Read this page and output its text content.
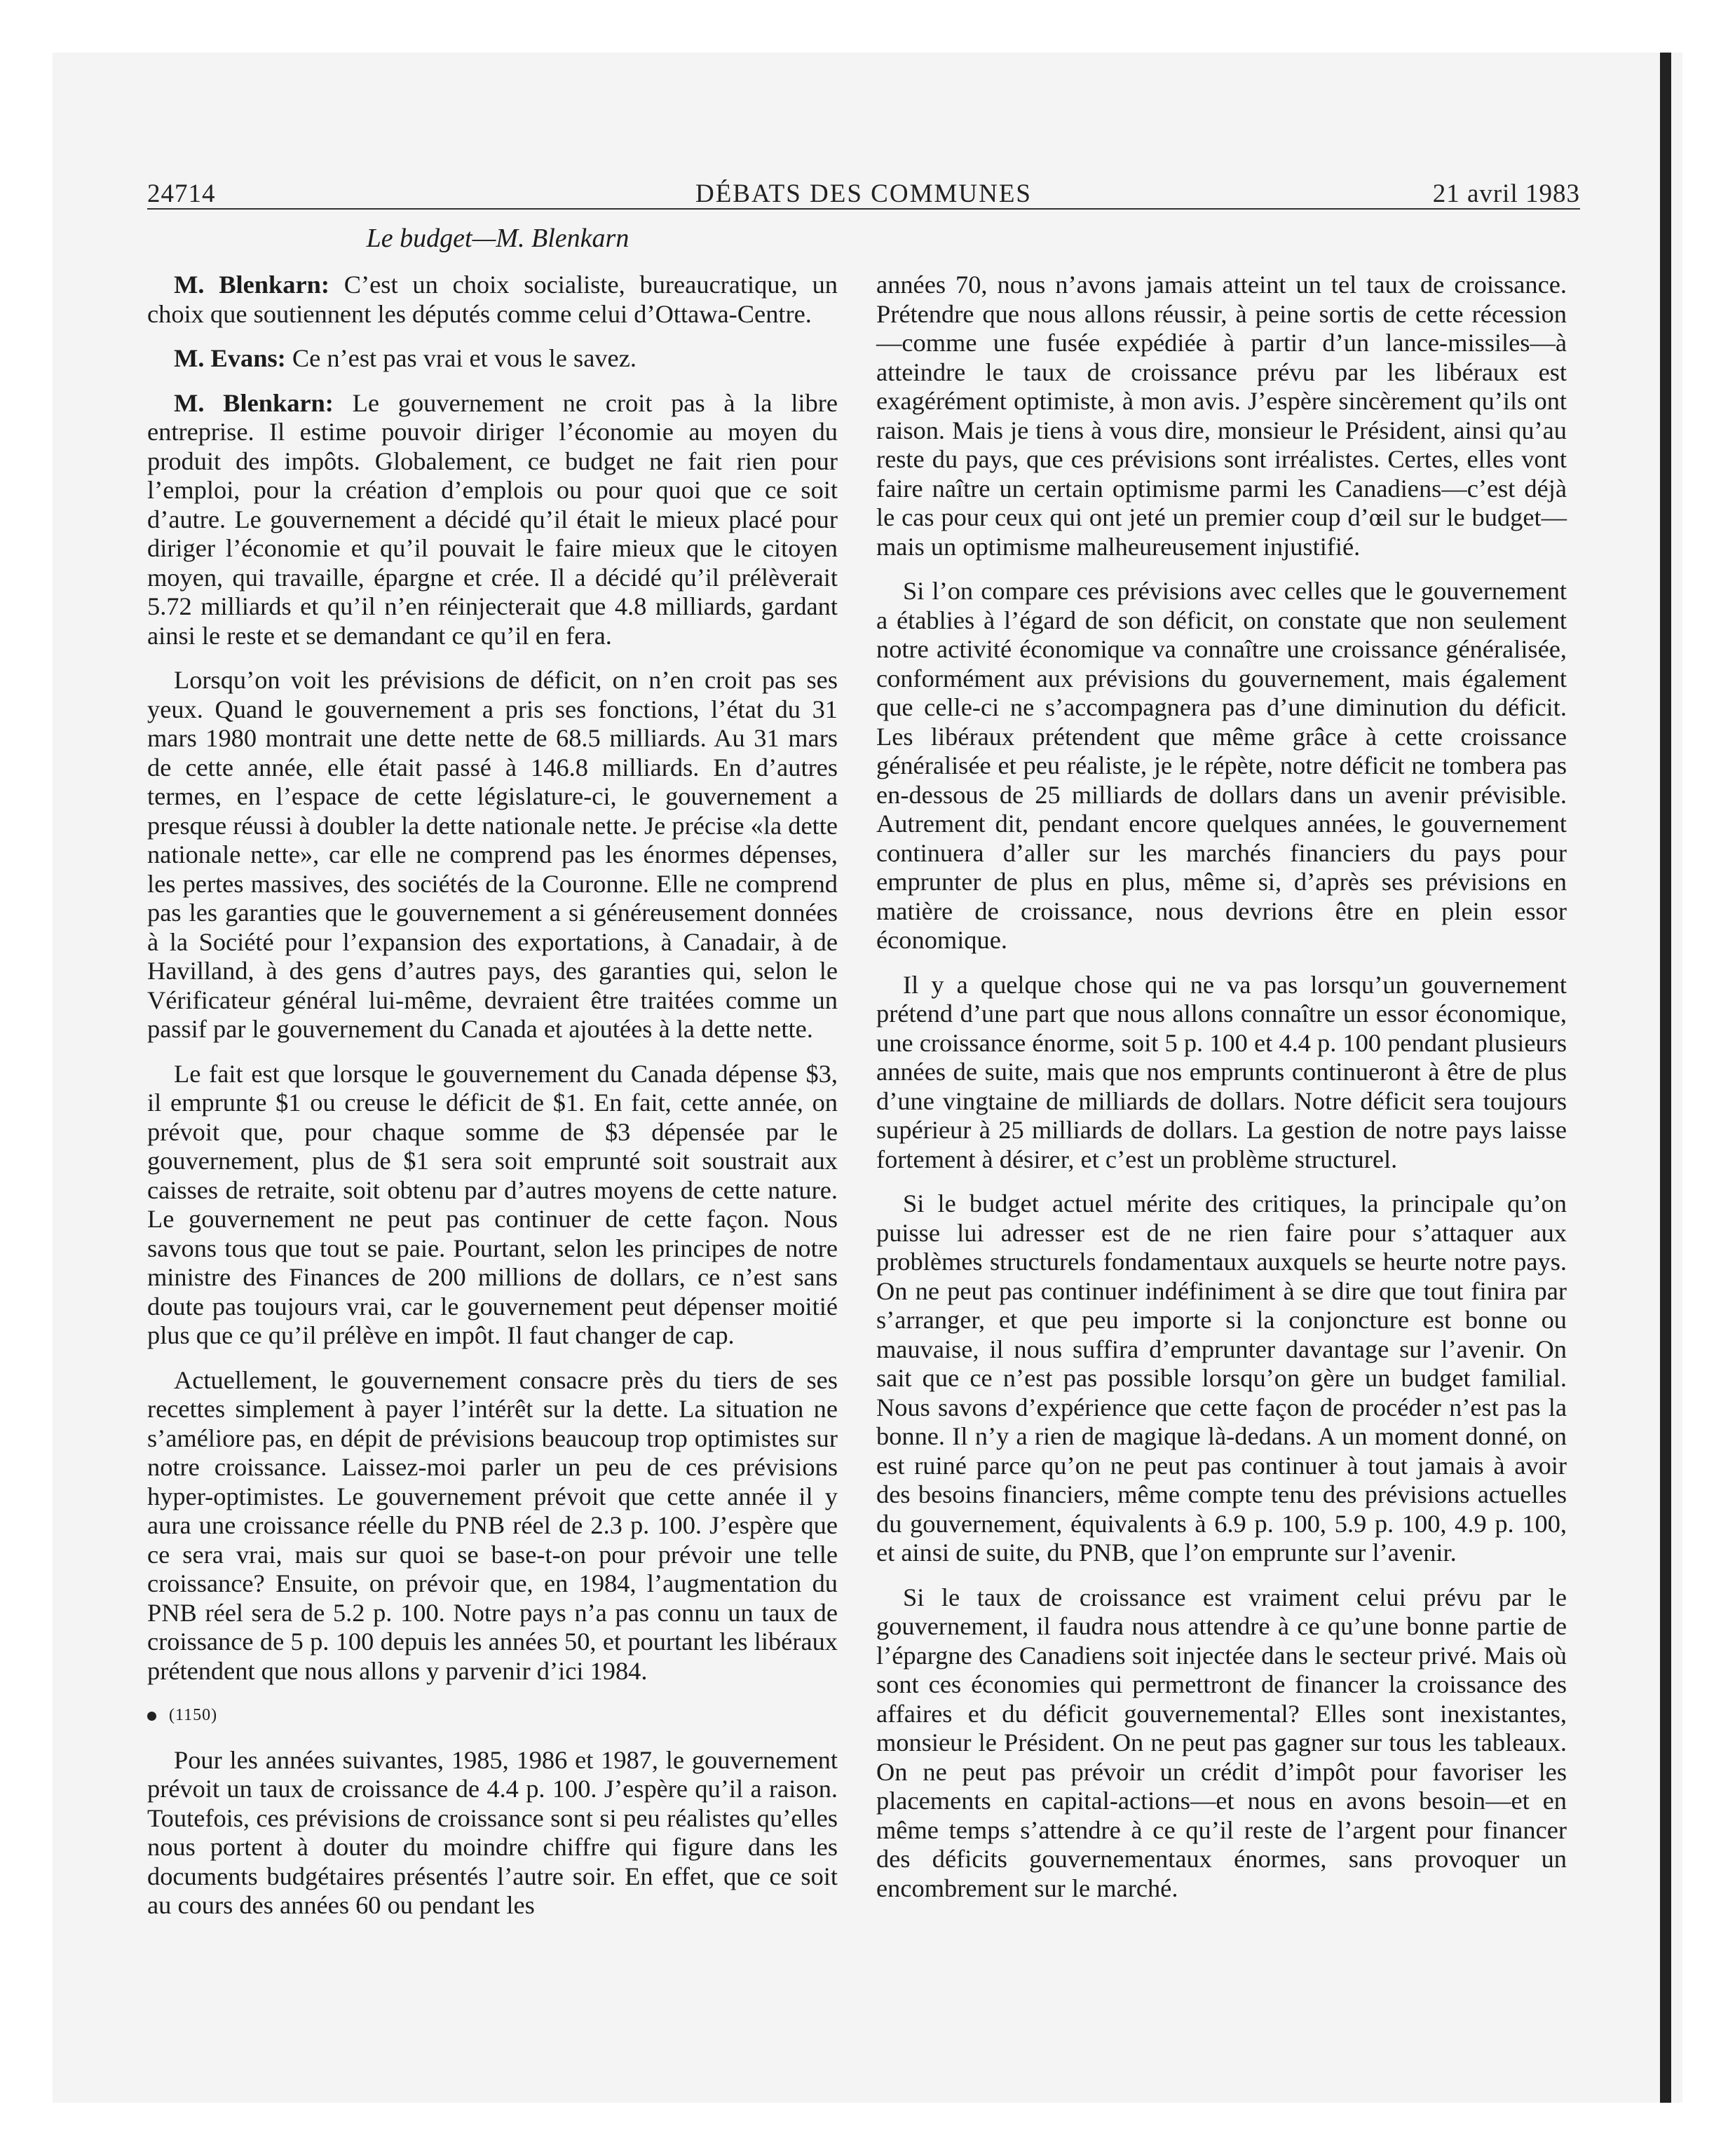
24714	DÉBATS DES COMMUNES	21 avril 1983
Le budget—M. Blenkarn

M. Blenkarn: C’est un choix socialiste, bureaucratique, un choix que soutiennent les députés comme celui d’Ottawa-Centre.

M. Evans: Ce n’est pas vrai et vous le savez.

M. Blenkarn: Le gouvernement ne croit pas à la libre entreprise. Il estime pouvoir diriger l’économie au moyen du produit des impôts. Globalement, ce budget ne fait rien pour l’emploi, pour la création d’emplois ou pour quoi que ce soit d’autre. Le gouvernement a décidé qu’il était le mieux placé pour diriger l’économie et qu’il pouvait le faire mieux que le citoyen moyen, qui travaille, épargne et crée. Il a décidé qu’il prélèverait 5.72 milliards et qu’il n’en réinjecterait que 4.8 milliards, gardant ainsi le reste et se demandant ce qu’il en fera.

Lorsqu’on voit les prévisions de déficit, on n’en croit pas ses yeux. Quand le gouvernement a pris ses fonctions, l’état du 31 mars 1980 montrait une dette nette de 68.5 milliards. Au 31 mars de cette année, elle était passé à 146.8 milliards. En d’autres termes, en l’espace de cette législature-ci, le gouvernement a presque réussi à doubler la dette nationale nette. Je précise «la dette nationale nette», car elle ne comprend pas les énormes dépenses, les pertes massives, des sociétés de la Couronne. Elle ne comprend pas les garanties que le gouvernement a si généreusement données à la Société pour l’expansion des exportations, à Canadair, à de Havilland, à des gens d’autres pays, des garanties qui, selon le Vérificateur général lui-même, devraient être traitées comme un passif par le gouvernement du Canada et ajoutées à la dette nette.

Le fait est que lorsque le gouvernement du Canada dépense $3, il emprunte $1 ou creuse le déficit de $1. En fait, cette année, on prévoit que, pour chaque somme de $3 dépensée par le gouvernement, plus de $1 sera soit emprunté soit soustrait aux caisses de retraite, soit obtenu par d’autres moyens de cette nature. Le gouvernement ne peut pas continuer de cette façon. Nous savons tous que tout se paie. Pourtant, selon les principes de notre ministre des Finances de 200 millions de dollars, ce n’est sans doute pas toujours vrai, car le gouvernement peut dépenser moitié plus que ce qu’il prélève en impôt. Il faut changer de cap.

Actuellement, le gouvernement consacre près du tiers de ses recettes simplement à payer l’intérêt sur la dette. La situation ne s’améliore pas, en dépit de prévisions beaucoup trop optimistes sur notre croissance. Laissez-moi parler un peu de ces prévisions hyper-optimistes. Le gouvernement prévoit que cette année il y aura une croissance réelle du PNB réel de 2.3 p. 100. J’espère que ce sera vrai, mais sur quoi se base-t-on pour prévoir une telle croissance? Ensuite, on prévoir que, en 1984, l’augmentation du PNB réel sera de 5.2 p. 100. Notre pays n’a pas connu un taux de croissance de 5 p. 100 depuis les années 50, et pourtant les libéraux prétendent que nous allons y parvenir d’ici 1984.

(1150)

Pour les années suivantes, 1985, 1986 et 1987, le gouvernement prévoit un taux de croissance de 4.4 p. 100. J’espère qu’il a raison. Toutefois, ces prévisions de croissance sont si peu réalistes qu’elles nous portent à douter du moindre chiffre qui figure dans les documents budgétaires présentés l’autre soir. En effet, que ce soit au cours des années 60 ou pendant les

années 70, nous n’avons jamais atteint un tel taux de croissance. Prétendre que nous allons réussir, à peine sortis de cette récession—comme une fusée expédiée à partir d’un lance-missiles—à atteindre le taux de croissance prévu par les libéraux est exagérément optimiste, à mon avis. J’espère sincèrement qu’ils ont raison. Mais je tiens à vous dire, monsieur le Président, ainsi qu’au reste du pays, que ces prévisions sont irréalistes. Certes, elles vont faire naître un certain optimisme parmi les Canadiens—c’est déjà le cas pour ceux qui ont jeté un premier coup d’œil sur le budget—mais un optimisme malheureusement injustifié.

Si l’on compare ces prévisions avec celles que le gouvernement a établies à l’égard de son déficit, on constate que non seulement notre activité économique va connaître une croissance généralisée, conformément aux prévisions du gouvernement, mais également que celle-ci ne s’accompagnera pas d’une diminution du déficit. Les libéraux prétendent que même grâce à cette croissance généralisée et peu réaliste, je le répète, notre déficit ne tombera pas en-dessous de 25 milliards de dollars dans un avenir prévisible. Autrement dit, pendant encore quelques années, le gouvernement continuera d’aller sur les marchés financiers du pays pour emprunter de plus en plus, même si, d’après ses prévisions en matière de croissance, nous devrions être en plein essor économique.

Il y a quelque chose qui ne va pas lorsqu’un gouvernement prétend d’une part que nous allons connaître un essor économique, une croissance énorme, soit 5 p. 100 et 4.4 p. 100 pendant plusieurs années de suite, mais que nos emprunts continueront à être de plus d’une vingtaine de milliards de dollars. Notre déficit sera toujours supérieur à 25 milliards de dollars. La gestion de notre pays laisse fortement à désirer, et c’est un problème structurel.

Si le budget actuel mérite des critiques, la principale qu’on puisse lui adresser est de ne rien faire pour s’attaquer aux problèmes structurels fondamentaux auxquels se heurte notre pays. On ne peut pas continuer indéfiniment à se dire que tout finira par s’arranger, et que peu importe si la conjoncture est bonne ou mauvaise, il nous suffira d’emprunter davantage sur l’avenir. On sait que ce n’est pas possible lorsqu’on gère un budget familial. Nous savons d’expérience que cette façon de procéder n’est pas la bonne. Il n’y a rien de magique là-dedans. A un moment donné, on est ruiné parce qu’on ne peut pas continuer à tout jamais à avoir des besoins financiers, même compte tenu des prévisions actuelles du gouvernement, équivalents à 6.9 p. 100, 5.9 p. 100, 4.9 p. 100, et ainsi de suite, du PNB, que l’on emprunte sur l’avenir.

Si le taux de croissance est vraiment celui prévu par le gouvernement, il faudra nous attendre à ce qu’une bonne partie de l’épargne des Canadiens soit injectée dans le secteur privé. Mais où sont ces économies qui permettront de financer la croissance des affaires et du déficit gouvernemental? Elles sont inexistantes, monsieur le Président. On ne peut pas gagner sur tous les tableaux. On ne peut pas prévoir un crédit d’impôt pour favoriser les placements en capital-actions—et nous en avons besoin—et en même temps s’attendre à ce qu’il reste de l’argent pour financer des déficits gouvernementaux énormes, sans provoquer un encombrement sur le marché.
